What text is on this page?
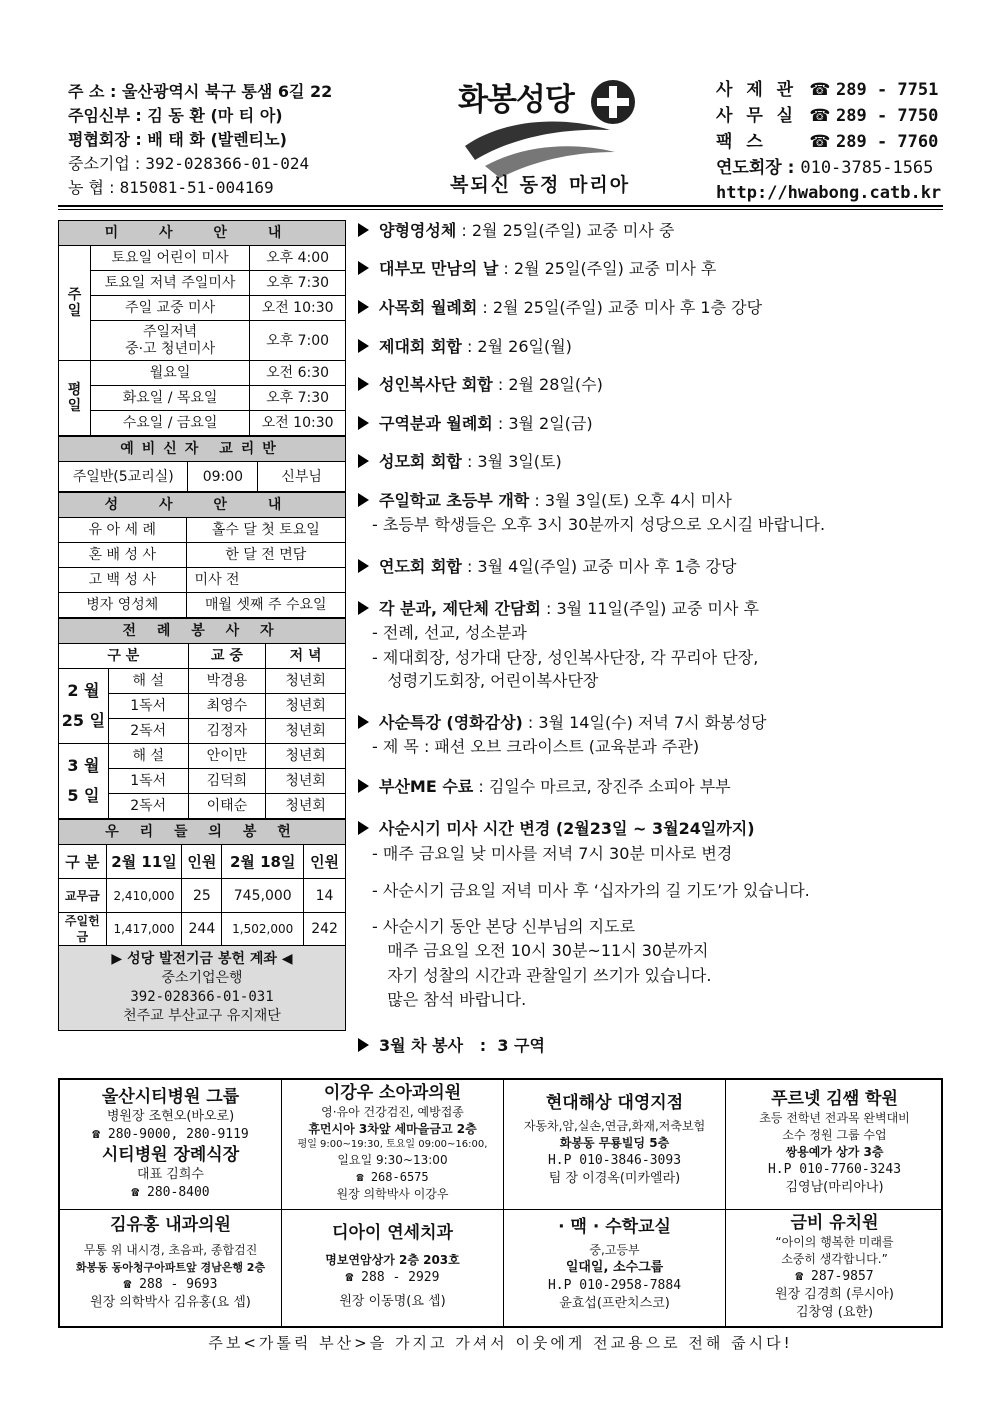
주 소 : 울산광역시 북구 통샘 6길 22
주임신부 : 김 동 환 (마 티 아)
평협회장 : 배 태 화 (발렌티노)
중소기업 : 392-028366-01-024
농 협 : 815081-51-004169
화봉성당
복되신 동정 마리아
사 제 관 ☎ 289 - 7751
사 무 실 ☎ 289 - 7750
팩 스	☎ 289 - 7760
연도회장 : 010-3785-1565
http://hwabong.catb.kr
미 사 안 내		

주
일	토요일 어린이 미사	오후 4:00
	토요일 저녁 주일미사	오후 7:30
	주일 교중 미사	오전 10:30
	주일저녁
중·고 청년미사	오후 7:00

평
일	월요일	오전 6:30
	화요일 / 목요일	오후 7:30
	수요일 / 금요일	오전 10:30
예비신자 교리반
주일반(5교리실)	09:00	신부님
성 사 안 내	
유 아 세 례	홀수 달 첫 토요일
혼 배 성 사	한 달 전 면담
고 백 성 사	미사 전
병자 영성체	매월 셋째 주 수요일
전 례 봉 사 자			
구 분		교 중	저 녁
2 월
25 일	해 설	박경용	청년회
	1독서	최영수	청년회
	2독서	김정자	청년회
3 월
5 일	해 설	안이만	청년회
	1독서	김덕희	청년회
	2독서	이태순	청년회
우 리 들 의 봉 헌				
구 분	2월 11일	인원	2월 18일	인원
교무금	2,410,000	25	745,000	14
주일헌금	1,417,000	244	1,502,000	242
▶ 성당 발전기금 봉헌 계좌 ◀
중소기업은행
392-028366-01-031
천주교 부산교구 유지재단
양형영성체 : 2월 25일(주일) 교중 미사 중
대부모 만남의 날 : 2월 25일(주일) 교중 미사 후
사목회 월례회 : 2월 25일(주일) 교중 미사 후 1층 강당
제대회 회합 : 2월 26일(월)
성인복사단 회합 : 2월 28일(수)
구역분과 월례회 : 3월 2일(금)
성모회 회합 : 3월 3일(토)
주일학교 초등부 개학 : 3월 3일(토) 오후 4시 미사
- 초등부 학생들은 오후 3시 30분까지 성당으로 오시길 바랍니다.
연도회 회합 : 3월 4일(주일) 교중 미사 후 1층 강당
각 분과, 제단체 간담회 : 3월 11일(주일) 교중 미사 후
- 전례, 선교, 성소분과
- 제대회장, 성가대 단장, 성인복사단장, 각 꾸리아 단장,
성령기도회장, 어린이복사단장
사순특강 (영화감상) : 3월 14일(수) 저녁 7시 화봉성당
- 제 목 : 패션 오브 크라이스트 (교육분과 주관)
부산ME 수료 : 김일수 마르코, 장진주 소피아 부부
사순시기 미사 시간 변경 (2월23일 ~ 3월24일까지)
- 매주 금요일 낮 미사를 저녁 7시 30분 미사로 변경
- 사순시기 금요일 저녁 미사 후 ‘십자가의 길 기도’가 있습니다.
- 사순시기 동안 본당 신부님의 지도로
매주 금요일 오전 10시 30분~11시 30분까지
자기 성찰의 시간과 관찰일기 쓰기가 있습니다.
많은 참석 바랍니다.
3월 차 봉사   :  3 구역
울산시티병원 그룹
병원장 조현오(바오로)
☎ 280-9000, 280-9119
시티병원 장례식장
대표 김희수
☎ 280-8400
이강우 소아과의원
영·유아 건강검진, 예방접종
휴먼시아 3차앞 세마을금고 2층
평일 9:00~19:30, 토요일 09:00~16:00,
일요일 9:30~13:00
☎ 268-6575
원장 의학박사 이강우
현대해상 대영지점
자동차,암,실손,연금,화재,저축보험
화봉동 무룡빌딩 5층
H.P 010-3846-3093
팀 장 이경옥(미카엘라)
푸르넷 김쌤 학원
초등 전학년 전과목 완벽대비
소수 정원 그룹 수업
쌍용예가 상가 3층
H.P 010-7760-3243
김영남(마리아나)
김유홍 내과의원
무통 위 내시경, 초음파, 종합검진
화봉동 동아청구아파트앞 경남은행 2층
☎ 288 - 9693
원장 의학박사 김유홍(요 셉)
디아이 연세치과
명보연암상가 2층 203호
☎ 288 - 2929
원장 이동명(요 셉)
· 맥 · 수학교실
중,고등부
일대일, 소수그룹
H.P 010-2958-7884
윤효섭(프란치스코)
금비 유치원
“아이의 행복한 미래를
소중히 생각합니다.”
☎ 287-9857
원장 김경희 (루시아)
김창영 (요한)
주보<가톨릭 부산>을 가지고 가셔서 이웃에게 전교용으로 전해 줍시다!
